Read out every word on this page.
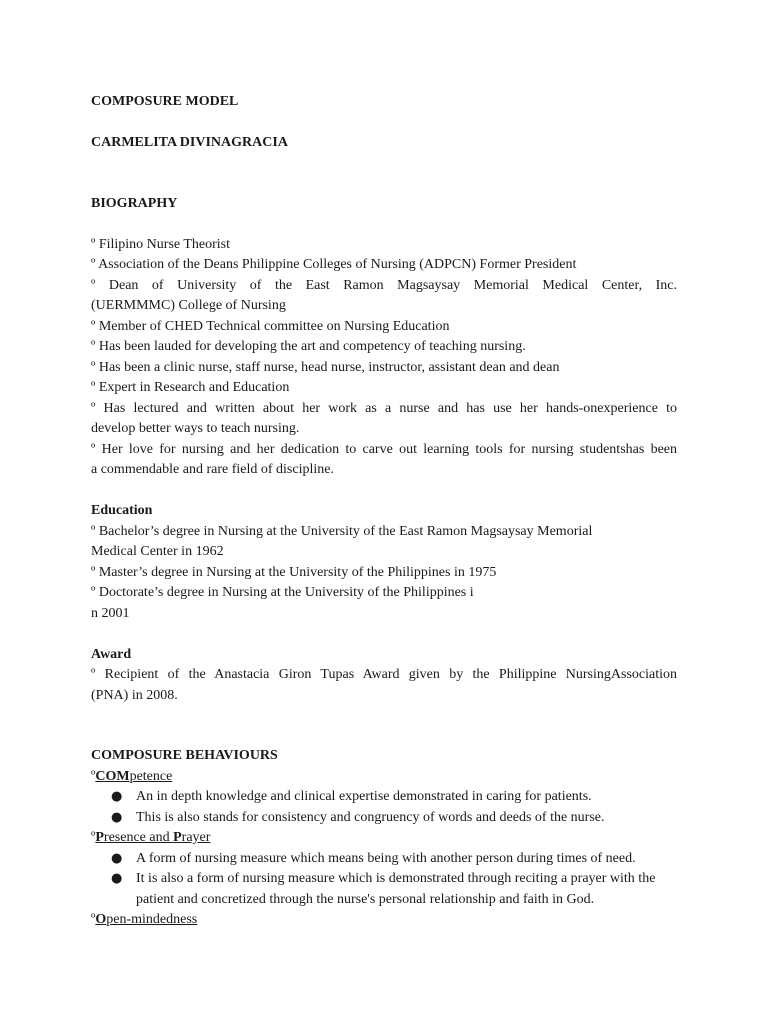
COMPOSURE MODEL

CARMELITA DIVINAGRACIA

BIOGRAPHY

º Filipino Nurse Theorist

º Association of the Deans Philippine Colleges of Nursing (ADPCN) Former President

º Dean of University of the East Ramon Magsaysay Memorial Medical Center, Inc.

(UERMMMC) College of Nursing

º Member of CHED Technical committee on Nursing Education

º Has been lauded for developing the art and competency of teaching nursing.

º Has been a clinic nurse, staff nurse, head nurse, instructor, assistant dean and dean

º Expert in Research and Education

º Has lectured and written about her work as a nurse and has use her hands-onexperience to

develop better ways to teach nursing.

º Her love for nursing and her dedication to carve out learning tools for nursing studentshas been

a commendable and rare field of discipline.

Education

º Bachelor’s degree in Nursing at the University of the East Ramon Magsaysay Memorial

Medical Center in 1962

º Master’s degree in Nursing at the University of the Philippines in 1975

º Doctorate’s degree in Nursing at the University of the Philippines i

n 2001

Award

º Recipient of the Anastacia Giron Tupas Award given by the Philippine NursingAssociation

(PNA) in 2008.

COMPOSURE BEHAVIOURS

ºCOMpetence

● An in depth knowledge and clinical expertise demonstrated in caring for patients.
● This is also stands for consistency and congruency of words and deeds of the nurse.

ºPresence and Prayer

● A form of nursing measure which means being with another person during times of need.
● It is also a form of nursing measure which is demonstrated through reciting a prayer with the patient and concretized through the nurse's personal relationship and faith in God.

ºOpen-mindedness
